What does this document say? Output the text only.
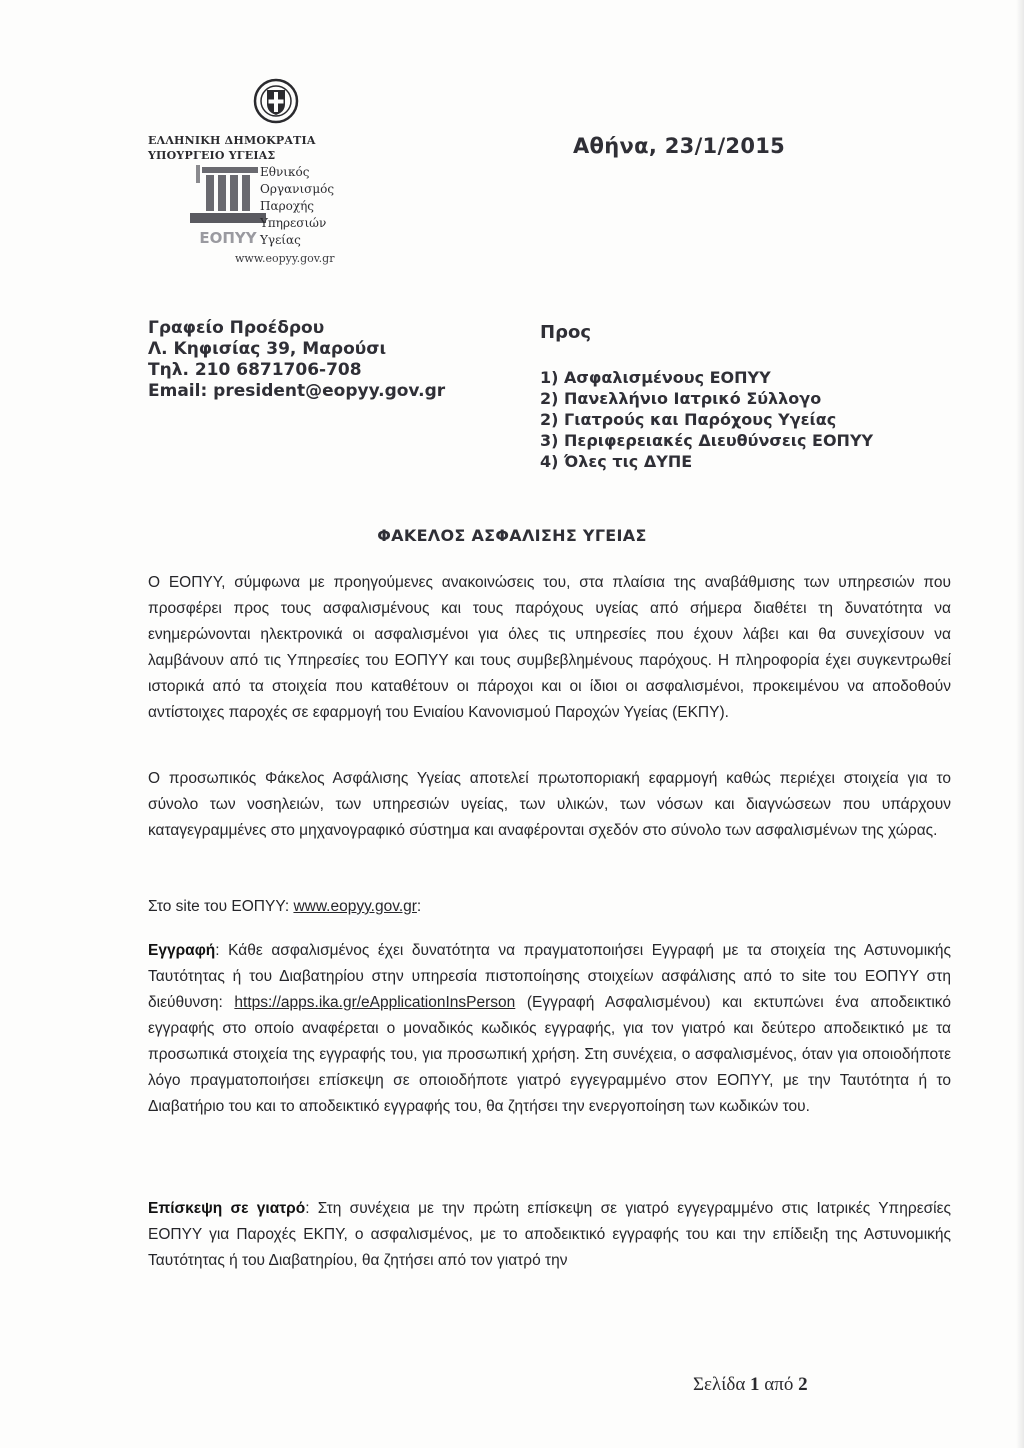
ΕΛΛΗΝΙΚΗ ΔΗΜΟΚΡΑΤΙΑ
ΥΠΟΥΡΓΕΙΟ ΥΓΕΙΑΣ
ΕΟΠΥΥ
Εθνικός
Οργανισμός
Παροχής
Υπηρεσιών
Υγείας
www.eopyy.gov.gr
Αθήνα, 23/1/2015
Γραφείο Προέδρου
Λ. Κηφισίας 39, Μαρούσι
Τηλ. 210 6871706-708
Email: president@eopyy.gov.gr
Προς
1) Ασφαλισμένους ΕΟΠΥΥ
2) Πανελλήνιο Ιατρικό Σύλλογο
2) Γιατρούς και Παρόχους Υγείας
3) Περιφερειακές Διευθύνσεις ΕΟΠΥΥ
4) Όλες τις ΔΥΠΕ
ΦΑΚΕΛΟΣ ΑΣΦΑΛΙΣΗΣ ΥΓΕΙΑΣ

Ο ΕΟΠΥΥ, σύμφωνα με προηγούμενες ανακοινώσεις του, στα πλαίσια της αναβάθμισης των υπηρεσιών που προσφέρει προς τους ασφαλισμένους και τους παρόχους υγείας από σήμερα διαθέτει τη δυνατότητα να ενημερώνονται ηλεκτρονικά οι ασφαλισμένοι για όλες τις υπηρεσίες που έχουν λάβει και θα συνεχίσουν να λαμβάνουν από τις Υπηρεσίες του ΕΟΠΥΥ και τους συμβεβλημένους παρόχους. Η πληροφορία έχει συγκεντρωθεί ιστορικά από τα στοιχεία που καταθέτουν οι πάροχοι και οι ίδιοι οι ασφαλισμένοι, προκειμένου να αποδοθούν αντίστοιχες παροχές σε εφαρμογή του Ενιαίου Κανονισμού Παροχών Υγείας (ΕΚΠΥ).

Ο προσωπικός Φάκελος Ασφάλισης Υγείας αποτελεί πρωτοποριακή εφαρμογή καθώς περιέχει στοιχεία για το σύνολο των νοσηλειών, των υπηρεσιών υγείας, των υλικών, των νόσων και διαγνώσεων που υπάρχουν καταγεγραμμένες στο μηχανογραφικό σύστημα και αναφέρονται σχεδόν στο σύνολο των ασφαλισμένων της χώρας.

Στο site του ΕΟΠΥΥ: www.eopyy.gov.gr:

Εγγραφή: Κάθε ασφαλισμένος έχει δυνατότητα να πραγματοποιήσει Εγγραφή με τα στοιχεία της Αστυνομικής Ταυτότητας ή του Διαβατηρίου στην υπηρεσία πιστοποίησης στοιχείων ασφάλισης από το site του ΕΟΠΥΥ στη διεύθυνση: https://apps.ika.gr/eApplicationInsPerson (Εγγραφή Ασφαλισμένου) και εκτυπώνει ένα αποδεικτικό εγγραφής στο οποίο αναφέρεται ο μοναδικός κωδικός εγγραφής, για τον γιατρό και δεύτερο αποδεικτικό με τα προσωπικά στοιχεία της εγγραφής του, για προσωπική χρήση. Στη συνέχεια, ο ασφαλισμένος, όταν για οποιοδήποτε λόγο πραγματοποιήσει επίσκεψη σε οποιοδήποτε γιατρό εγγεγραμμένο στον ΕΟΠΥΥ, με την Ταυτότητα ή το Διαβατήριο του και το αποδεικτικό εγγραφής του, θα ζητήσει την ενεργοποίηση των κωδικών του.

Επίσκεψη σε γιατρό: Στη συνέχεια με την πρώτη επίσκεψη σε γιατρό εγγεγραμμένο στις Ιατρικές Υπηρεσίες ΕΟΠΥΥ για Παροχές ΕΚΠΥ, ο ασφαλισμένος, με το αποδεικτικό εγγραφής του και την επίδειξη της Αστυνομικής Ταυτότητας ή του Διαβατηρίου, θα ζητήσει από τον γιατρό την

Σελίδα 1 από 2
